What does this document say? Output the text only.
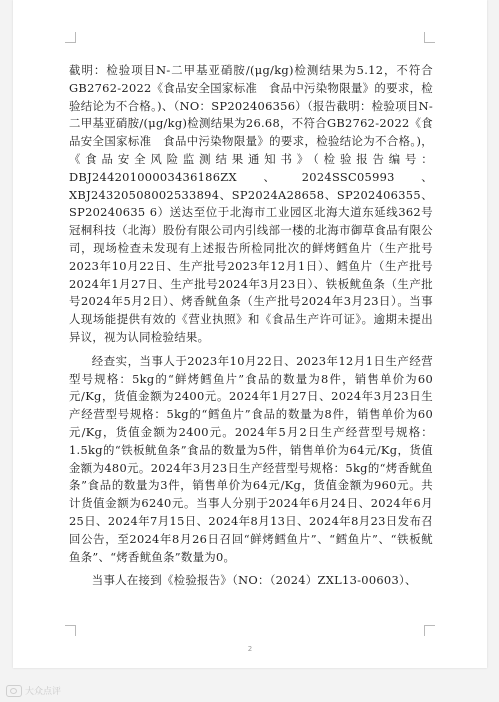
截明：检验项目N-二甲基亚硝胺/(μg/kg)检测结果为5.12，不符合GB2762-2022《食品安全国家标准　食品中污染物限量》的要求，检验结论为不合格。)、（NO：SP202406356）（报告截明：检验项目N-二甲基亚硝胺/(μg/kg)检测结果为26.68，不符合GB2762-2022《食品安全国家标准　食品中污染物限量》的要求，检验结论为不合格。)，《食品安全风险监测结果通知书》（检验报告编号：DBJ24420100003436186ZX、2024SSC05993、XBJ24320508002533894、SP2024A28658、SP202406355、SP20240635 6）送达至位于北海市工业园区北海大道东延线362号冠桐科技（北海）股份有限公司内引线部一楼的北海市御草食品有限公司，现场检查未发现有上述报告所检同批次的鲜烤鳕鱼片（生产批号2023年10月22日、生产批号2023年12月1日）、鳕鱼片（生产批号2024年1月27日、生产批号2024年3月23日）、铁板鱿鱼条（生产批号2024年5月2日）、烤香鱿鱼条（生产批号2024年3月23日）。当事人现场能提供有效的《营业执照》和《食品生产许可证》。逾期未提出异议，视为认同检验结果。

经查实，当事人于2023年10月22日、2023年12月1日生产经营型号规格：5kg的“鲜烤鳕鱼片”食品的数量为8件，销售单价为60元/Kg，货值金额为2400元。2024年1月27日、2024年3月23日生产经营型号规格：5kg的“鳕鱼片”食品的数量为8件，销售单价为60元/Kg，货值金额为2400元。2024年5月2日生产经营型号规格：1.5kg的“铁板鱿鱼条”食品的数量为5件，销售单价为64元/Kg，货值金额为480元。2024年3月23日生产经营型号规格：5kg的“烤香鱿鱼条”食品的数量为3件，销售单价为64元/Kg，货值金额为960元。共计货值金额为6240元。当事人分别于2024年6月24日、2024年6月25日、2024年7月15日、2024年8月13日、2024年8月23日发布召回公告，至2024年8月26日召回“鲜烤鳕鱼片”、“鳕鱼片”、“铁板鱿鱼条”、“烤香鱿鱼条”数量为0。

当事人在接到《检验报告》（NO：（2024）ZXL13-00603）、

2
大众点评
